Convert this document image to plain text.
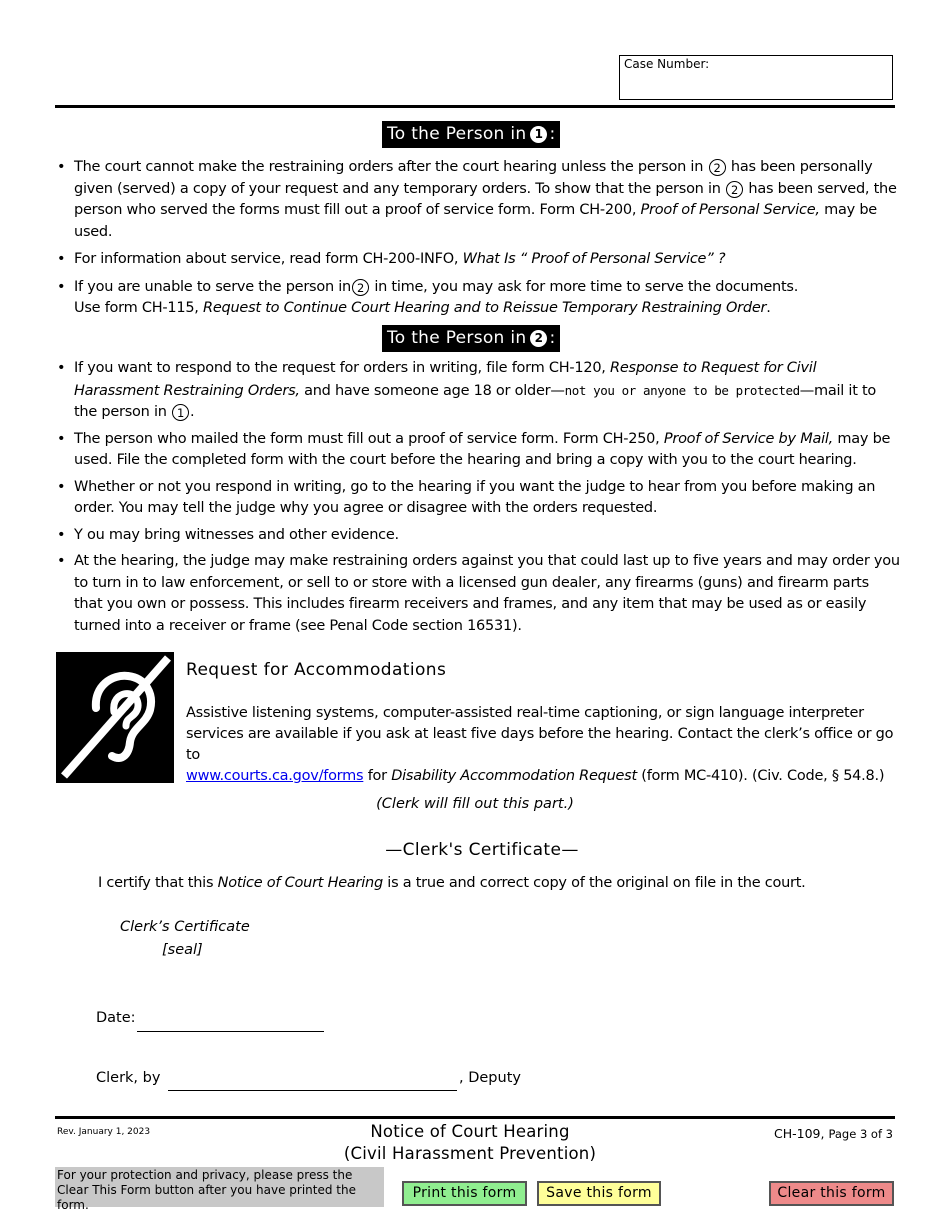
Case Number:
To the Person in 1 :
• The court cannot make the restraining orders after the court hearing unless the person in 2 has been personally given (served) a copy of your request and any temporary orders. To show that the person in 2 has been served, the person who served the forms must fill out a proof of service form. Form CH-200, Proof of Personal Service, may be used.
• For information about service, read form CH-200-INFO, What Is “ Proof of Personal Service” ?
• If you are unable to serve the person in 2 in time, you may ask for more time to serve the documents.
Use form CH-115, Request to Continue Court Hearing and to Reissue Temporary Restraining Order.
To the Person in 2 :
• If you want to respond to the request for orders in writing, file form CH-120, Response to Request for Civil Harassment Restraining Orders, and have someone age 18 or older—not you or anyone to be protected—mail it to the person in 1 .
• The person who mailed the form must fill out a proof of service form. Form CH-250, Proof of Service by Mail, may be used. File the completed form with the court before the hearing and bring a copy with you to the court hearing.
• Whether or not you respond in writing, go to the hearing if you want the judge to hear from you before making an order. You may tell the judge why you agree or disagree with the orders requested.
• Y ou may bring witnesses and other evidence.
• At the hearing, the judge may make restraining orders against you that could last up to five years and may order you to turn in to law enforcement, or sell to or store with a licensed gun dealer, any firearms (guns) and firearm parts that you own or possess. This includes firearm receivers and frames, and any item that may be used as or easily turned into a receiver or frame (see Penal Code section 16531).
Request for Accommodations
Assistive listening systems, computer-assisted real-time captioning, or sign language interpreter services are available if you ask at least five days before the hearing. Contact the clerk’s office or go to
www.courts.ca.gov/forms for Disability Accommodation Request (form MC-410). (Civ. Code, § 54.8.)
(Clerk will fill out this part.)
—Clerk's Certificate—
I certify that this Notice of Court Hearing is a true and correct copy of the original on file in the court.
Clerk’s Certificate
[seal]
Date:
Clerk, by	, Deputy
Rev. January 1, 2023	Notice of Court Hearing
(Civil Harassment Prevention)
CH-109, Page 3 of 3
For your protection and privacy, please press the Clear This Form button after you have printed the form.
Print this form	Save this form	Clear this form
